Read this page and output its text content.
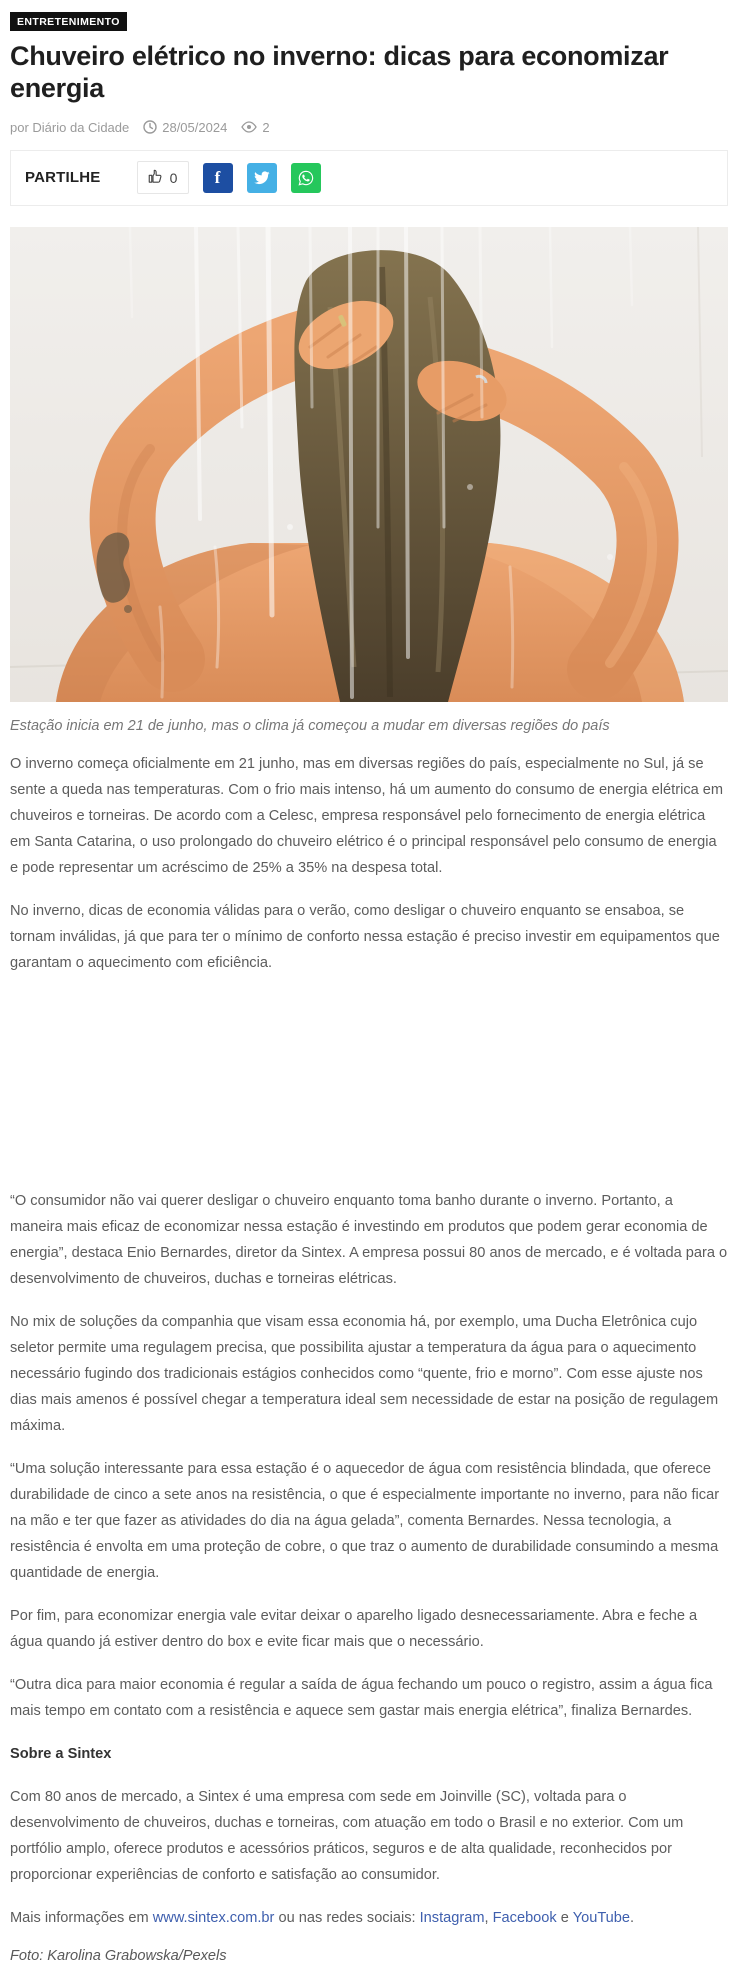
ENTRETENIMENTO
Chuveiro elétrico no inverno: dicas para economizar energia
por Diário da Cidade	28/05/2024	2
PARTILHE	0 f
Estação inicia em 21 de junho, mas o clima já começou a mudar em diversas regiões do país

O inverno começa oficialmente em 21 junho, mas em diversas regiões do país, especialmente no Sul, já se sente a queda nas temperaturas. Com o frio mais intenso, há um aumento do consumo de energia elétrica em chuveiros e torneiras. De acordo com a Celesc, empresa responsável pelo fornecimento de energia elétrica em Santa Catarina, o uso prolongado do chuveiro elétrico é o principal responsável pelo consumo de energia e pode representar um acréscimo de 25% a 35% na despesa total.

No inverno, dicas de economia válidas para o verão, como desligar o chuveiro enquanto se ensaboa, se tornam inválidas, já que para ter o mínimo de conforto nessa estação é preciso investir em equipamentos que garantam o aquecimento com eficiência.

“O consumidor não vai querer desligar o chuveiro enquanto toma banho durante o inverno. Portanto, a maneira mais eficaz de economizar nessa estação é investindo em produtos que podem gerar economia de energia”, destaca Enio Bernardes, diretor da Sintex. A empresa possui 80 anos de mercado, e é voltada para o desenvolvimento de chuveiros, duchas e torneiras elétricas.

No mix de soluções da companhia que visam essa economia há, por exemplo, uma Ducha Eletrônica cujo seletor permite uma regulagem precisa, que possibilita ajustar a temperatura da água para o aquecimento necessário fugindo dos tradicionais estágios conhecidos como “quente, frio e morno”. Com esse ajuste nos dias mais amenos é possível chegar a temperatura ideal sem necessidade de estar na posição de regulagem máxima.

“Uma solução interessante para essa estação é o aquecedor de água com resistência blindada, que oferece durabilidade de cinco a sete anos na resistência, o que é especialmente importante no inverno, para não ficar na mão e ter que fazer as atividades do dia na água gelada”, comenta Bernardes. Nessa tecnologia, a resistência é envolta em uma proteção de cobre, o que traz o aumento de durabilidade consumindo a mesma quantidade de energia.

Por fim, para economizar energia vale evitar deixar o aparelho ligado desnecessariamente. Abra e feche a água quando já estiver dentro do box e evite ficar mais que o necessário.

“Outra dica para maior economia é regular a saída de água fechando um pouco o registro, assim a água fica mais tempo em contato com a resistência e aquece sem gastar mais energia elétrica”, finaliza Bernardes.

Sobre a Sintex

Com 80 anos de mercado, a Sintex é uma empresa com sede em Joinville (SC), voltada para o desenvolvimento de chuveiros, duchas e torneiras, com atuação em todo o Brasil e no exterior. Com um portfólio amplo, oferece produtos e acessórios práticos, seguros e de alta qualidade, reconhecidos por proporcionar experiências de conforto e satisfação ao consumidor.

Mais informações em www.sintex.com.br ou nas redes sociais: Instagram, Facebook e YouTube.

Foto: Karolina Grabowska/Pexels
